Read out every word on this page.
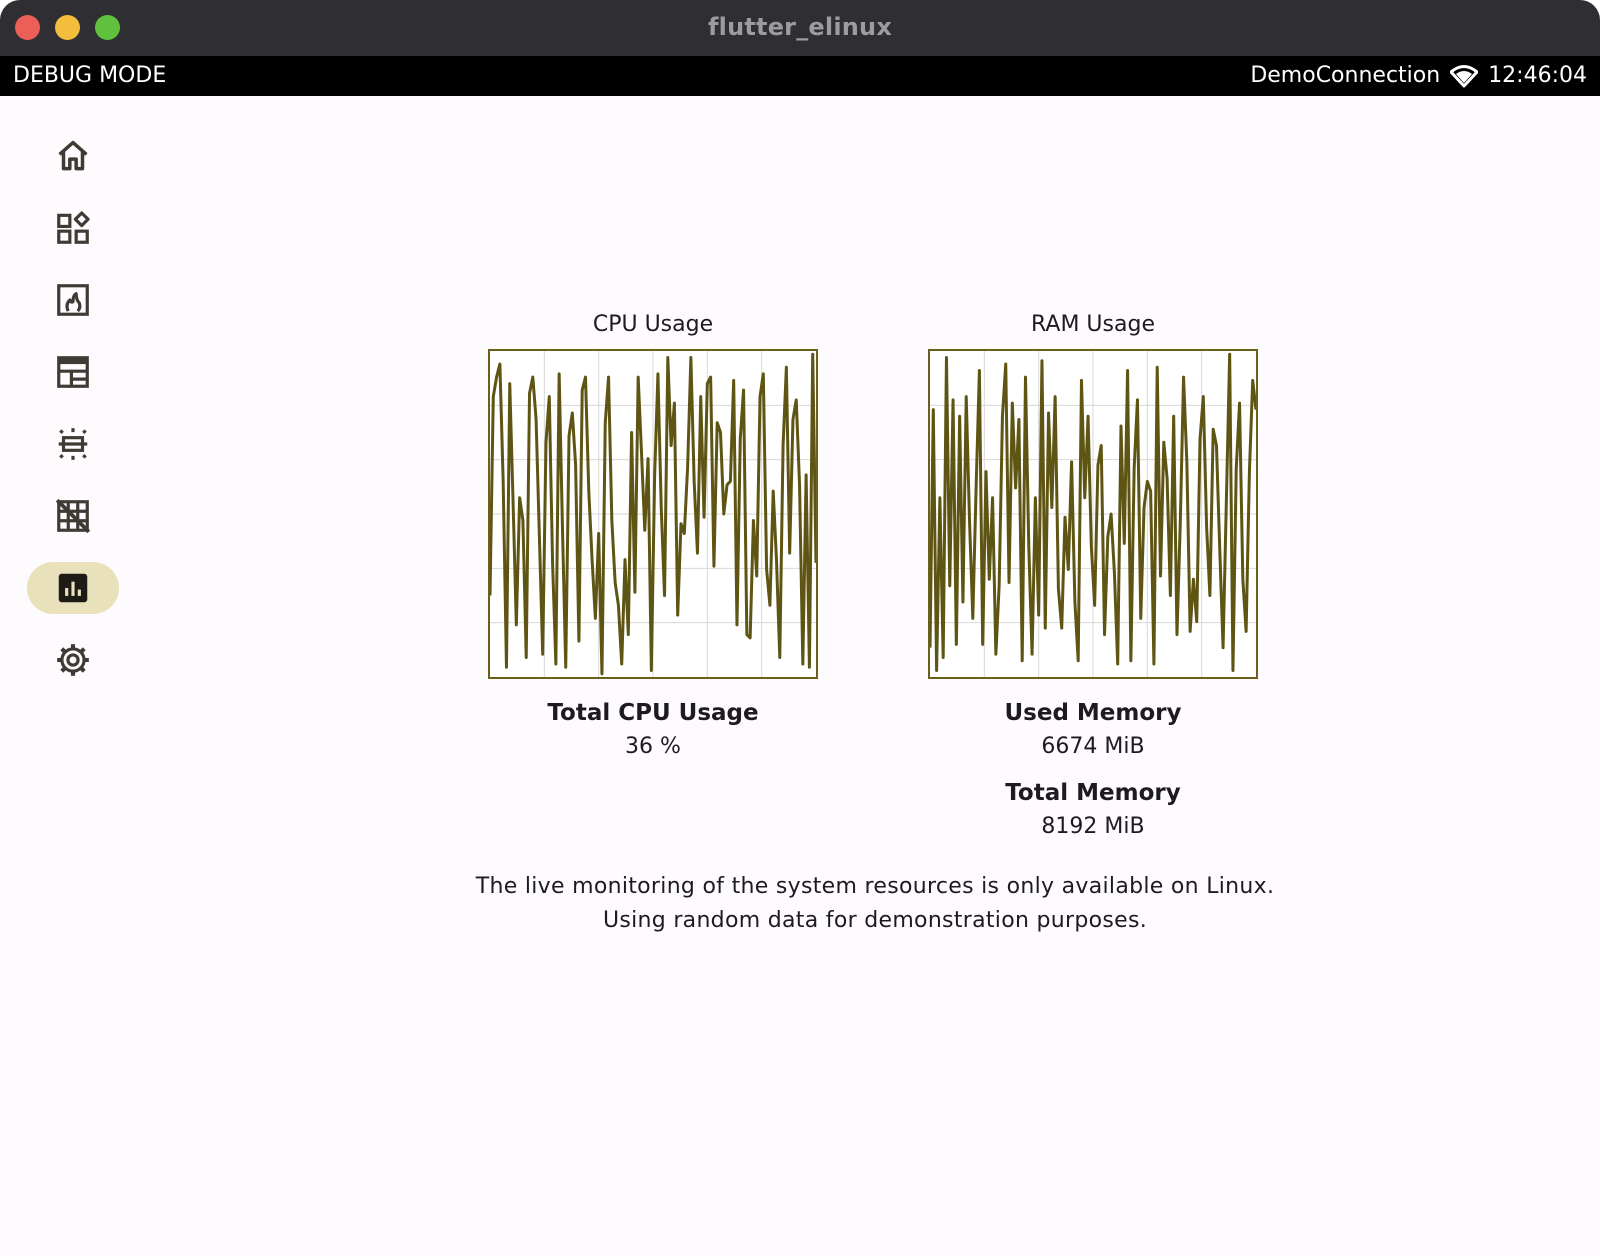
flutter_elinux
DEBUG MODE	DemoConnection 12:46:04
CPU Usage
Total CPU Usage
36 %
RAM Usage
Used Memory
6674 MiB
Total Memory
8192 MiB
The live monitoring of the system resources is only available on Linux.
Using random data for demonstration purposes.
